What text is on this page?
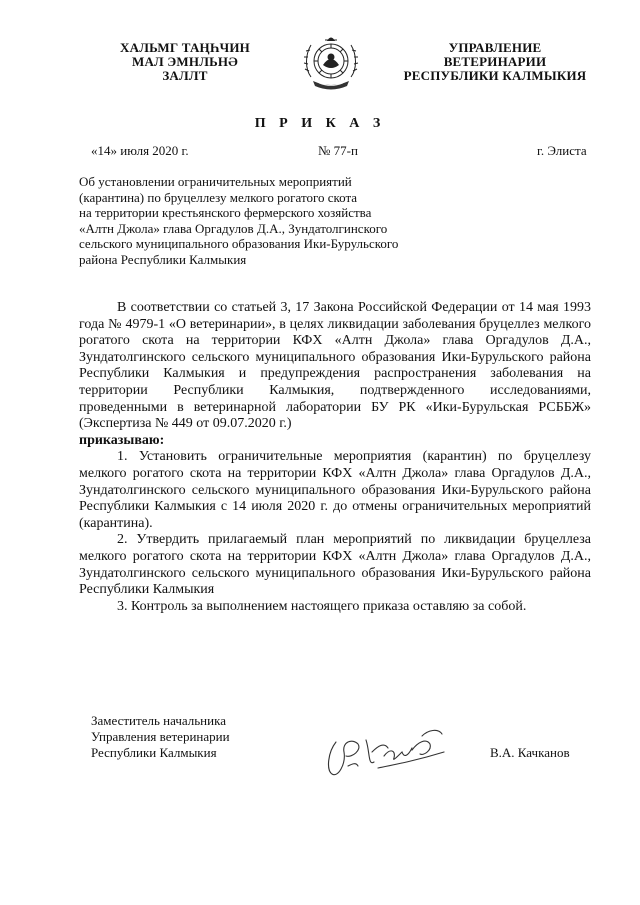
ХАЛЬМГ ТАҢҺЧИН
МАЛ ЭМНЛЬНӘ
ЗАЛЛТ
УПРАВЛЕНИЕ
ВЕТЕРИНАРИИ
РЕСПУБЛИКИ КАЛМЫКИЯ
П Р И К А З
«14» июля 2020 г.	№ 77-п	г. Элиста
Об установлении ограничительных мероприятий
(карантина) по бруцеллезу мелкого рогатого скота
на территории крестьянского фермерского хозяйства
«Алтн Джола» глава Оргадулов Д.А., Зундатолгинского
сельского муниципального образования Ики-Бурульского
района Республики Калмыкия

В соответствии со статьей 3, 17 Закона Российской Федерации от 14 мая 1993 года № 4979-1 «О ветеринарии», в целях ликвидации заболевания бруцеллез мелкого рогатого скота на территории КФХ «Алтн Джола» глава Оргадулов Д.А., Зундатолгинского сельского муниципального образования Ики-Бурульского района Республики Калмыкия и предупреждения распространения заболевания на территории Республики Калмыкия, подтвержденного исследованиями, проведенными в ветеринарной лаборатории БУ РК «Ики-Бурульская РСББЖ» (Экспертиза № 449 от 09.07.2020 г.)

приказываю:

1. Установить ограничительные мероприятия (карантин) по бруцеллезу мелкого рогатого скота на территории КФХ «Алтн Джола» глава Оргадулов Д.А., Зундатолгинского сельского муниципального образования Ики-Бурульского района Республики Калмыкия с 14 июля 2020 г. до отмены ограничительных мероприятий (карантина).

2. Утвердить прилагаемый план мероприятий по ликвидации бруцеллеза мелкого рогатого скота на территории КФХ «Алтн Джола» глава Оргадулов Д.А., Зундатолгинского сельского муниципального образования Ики-Бурульского района Республики Калмыкия

3. Контроль за выполнением настоящего приказа оставляю за собой.

Заместитель начальника
Управления ветеринарии
Республики Калмыкия	В.А. Качканов
